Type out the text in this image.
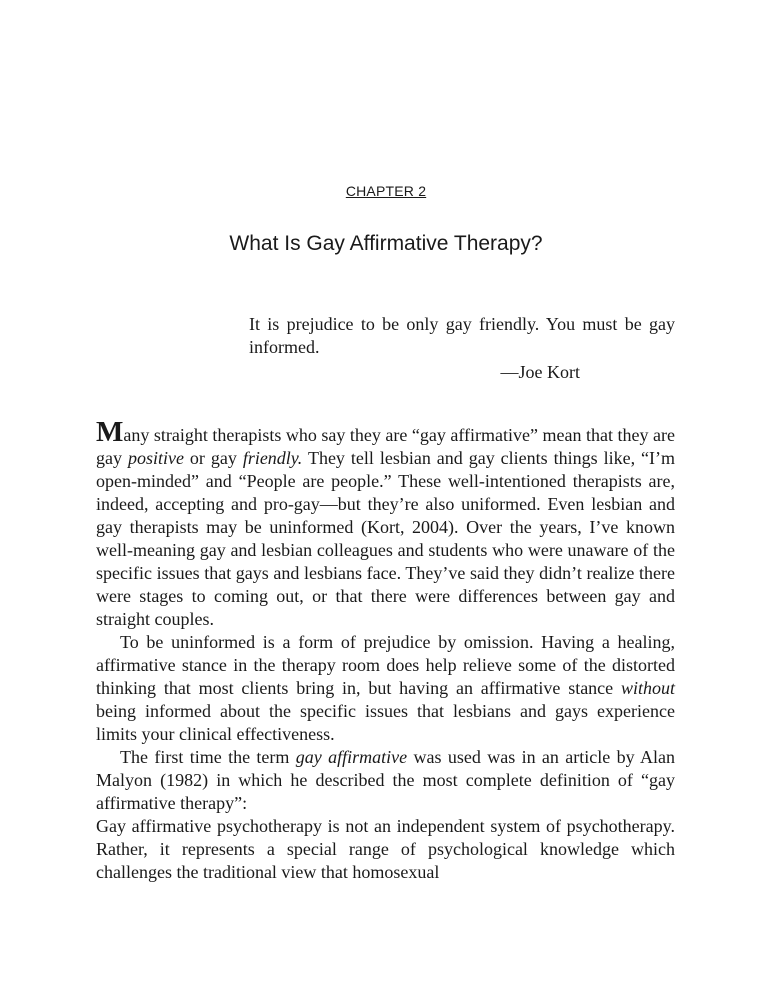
CHAPTER 2
What Is Gay Affirmative Therapy?
It is prejudice to be only gay friendly. You must be gay informed.
—Joe Kort

Many straight therapists who say they are “gay affirmative” mean that they are gay positive or gay friendly. They tell lesbian and gay clients things like, “I’m open-minded” and “People are people.” These well-intentioned therapists are, indeed, accepting and pro-gay—but they’re also uniformed. Even lesbian and gay therapists may be uninformed (Kort, 2004). Over the years, I’ve known well-meaning gay and lesbian colleagues and students who were unaware of the specific issues that gays and lesbians face. They’ve said they didn’t realize there were stages to coming out, or that there were differences between gay and straight couples.

To be uninformed is a form of prejudice by omission. Having a healing, affirmative stance in the therapy room does help relieve some of the distorted thinking that most clients bring in, but having an affirmative stance without being informed about the specific issues that lesbians and gays experience limits your clinical effectiveness.

The first time the term gay affirmative was used was in an article by Alan Malyon (1982) in which he described the most complete definition of “gay affirmative therapy”:

Gay affirmative psychotherapy is not an independent system of psychotherapy. Rather, it represents a special range of psychological knowledge which challenges the traditional view that homosexual
